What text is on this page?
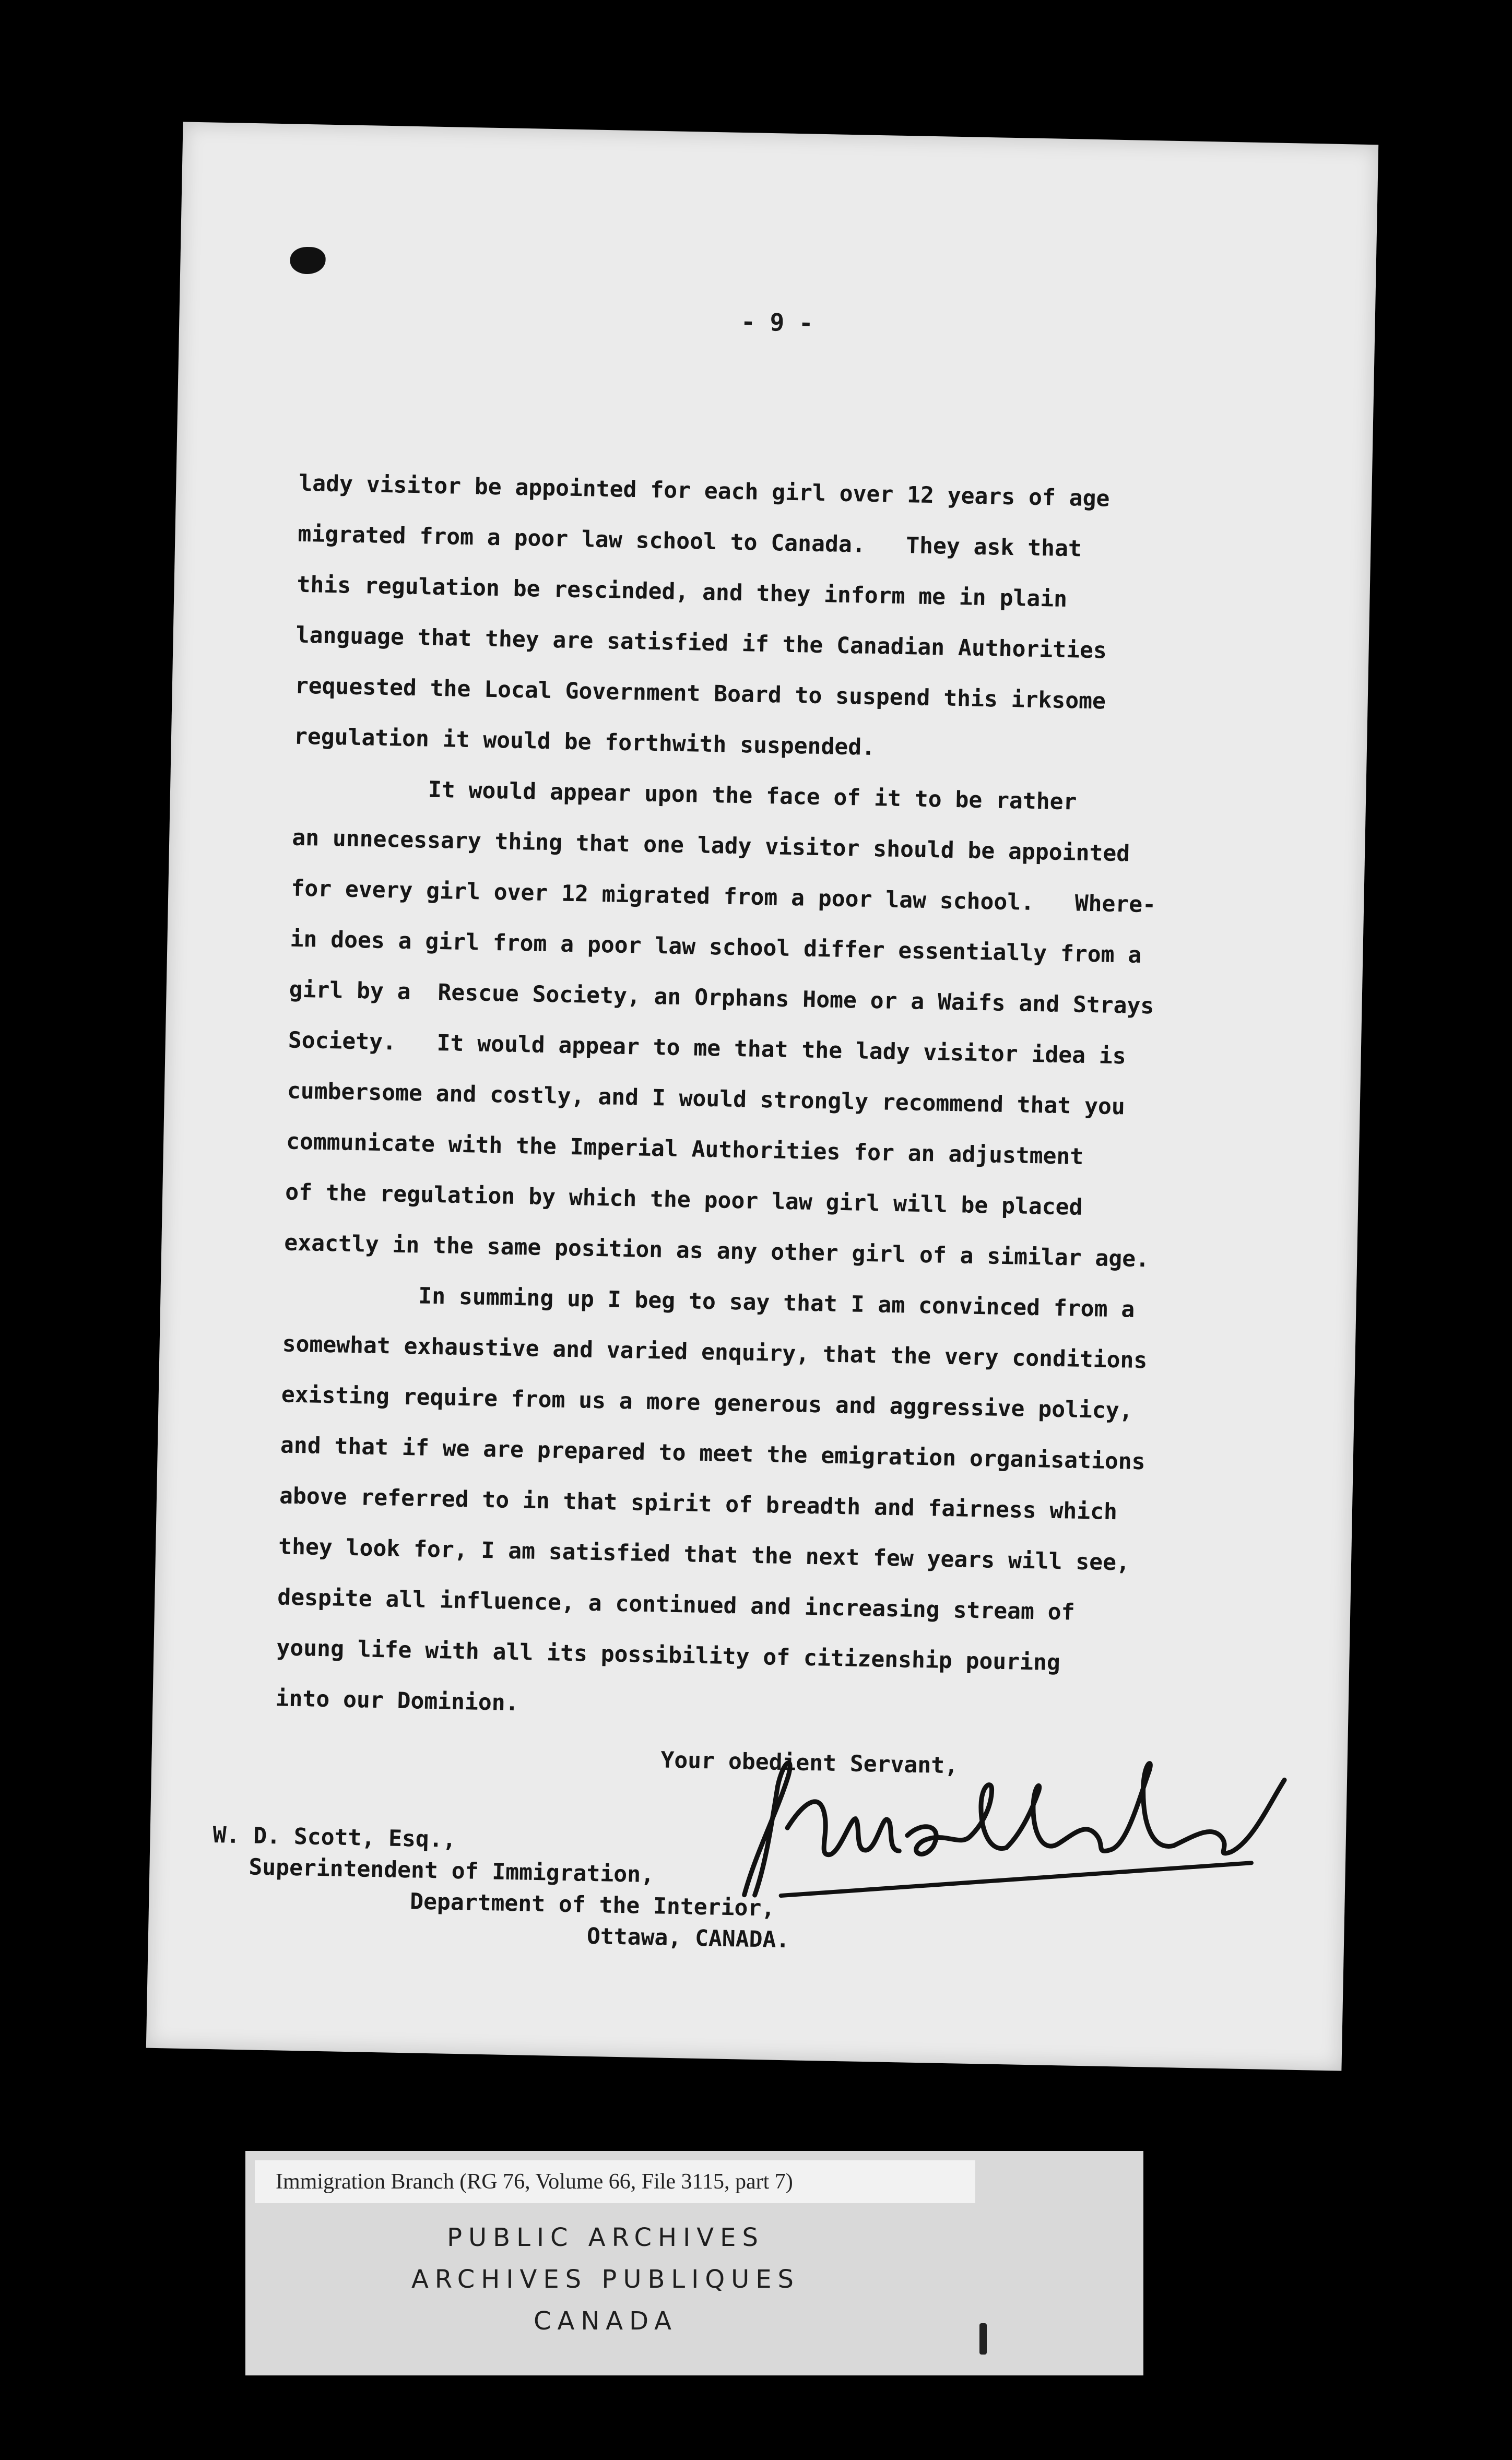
- 9 -
lady visitor be appointed for each girl over 12 years of age
migrated from a poor law school to Canada.   They ask that
this regulation be rescinded, and they inform me in plain
language that they are satisfied if the Canadian Authorities
requested the Local Government Board to suspend this irksome
regulation it would be forthwith suspended.
It would appear upon the face of it to be rather
an unnecessary thing that one lady visitor should be appointed
for every girl over 12 migrated from a poor law school.   Where-
in does a girl from a poor law school differ essentially from a
girl by a  Rescue Society, an Orphans Home or a Waifs and Strays
Society.   It would appear to me that the lady visitor idea is
cumbersome and costly, and I would strongly recommend that you
communicate with the Imperial Authorities for an adjustment
of the regulation by which the poor law girl will be placed
exactly in the same position as any other girl of a similar age.
In summing up I beg to say that I am convinced from a
somewhat exhaustive and varied enquiry, that the very conditions
existing require from us a more generous and aggressive policy,
and that if we are prepared to meet the emigration organisations
above referred to in that spirit of breadth and fairness which
they look for, I am satisfied that the next few years will see,
despite all influence, a continued and increasing stream of
young life with all its possibility of citizenship pouring
into our Dominion.
Your obedient Servant,
W. D. Scott, Esq.,
Superintendent of Immigration,
Department of the Interior,
Ottawa, CANADA.
Immigration Branch (RG 76, Volume 66, File 3115, part 7)
PUBLIC ARCHIVES
ARCHIVES PUBLIQUES
CANADA
